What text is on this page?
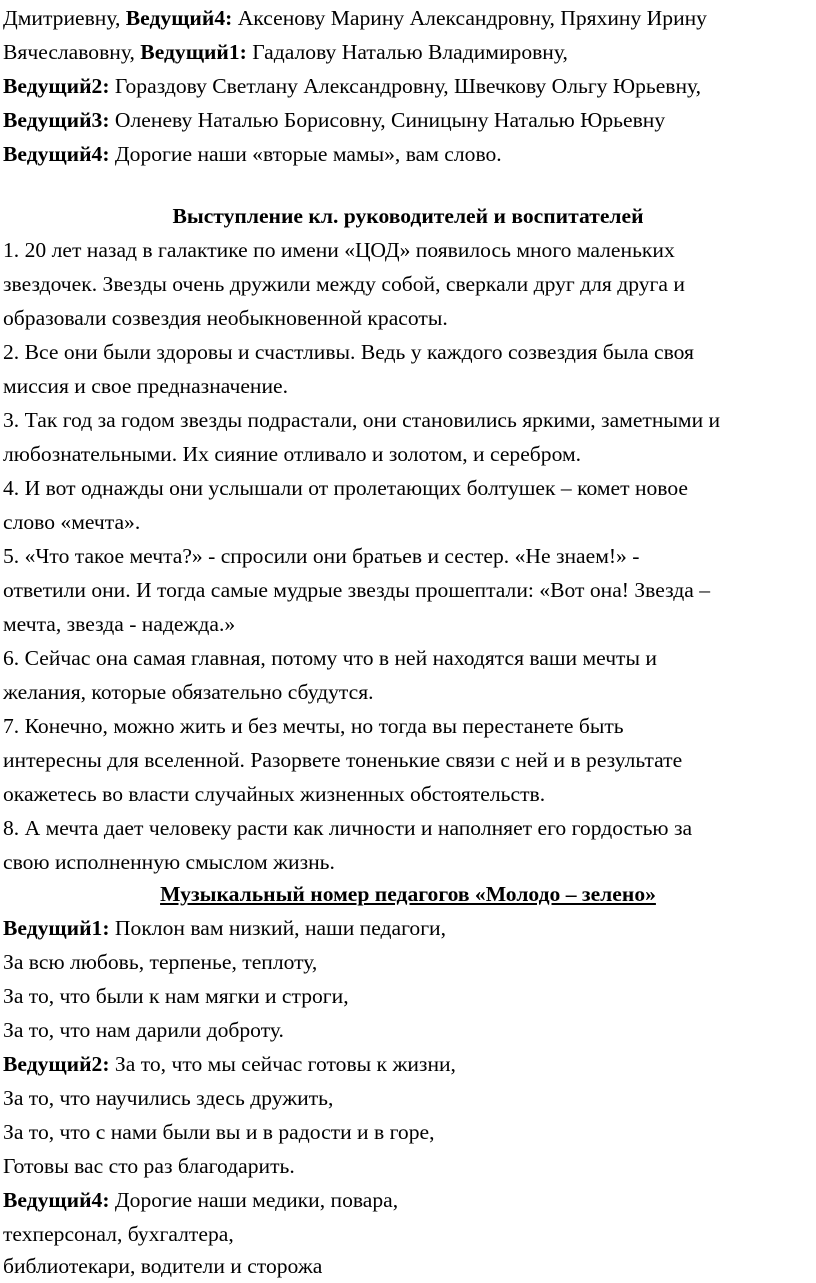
Дмитриевну, Ведущий4: Аксенову Марину Александровну, Пряхину Ирину
Вячеславовну, Ведущий1: Гадалову Наталью Владимировну,
Ведущий2: Гораздову Светлану Александровну, Швечкову Ольгу Юрьевну,
Ведущий3: Оленеву Наталью Борисовну, Синицыну Наталью Юрьевну
Ведущий4: Дорогие наши «вторые мамы», вам слово.
Выступление кл. руководителей и воспитателей
1. 20 лет назад в галактике по имени «ЦОД» появилось много маленьких
звездочек. Звезды очень дружили между собой, сверкали друг для друга и
образовали созвездия необыкновенной красоты.
2. Все они были здоровы и счастливы. Ведь у каждого созвездия была своя
миссия и свое предназначение.
3. Так год за годом звезды подрастали, они становились яркими, заметными и
любознательными. Их сияние отливало и золотом, и серебром.
4. И вот однажды они услышали от пролетающих болтушек – комет новое
слово «мечта».
5. «Что такое мечта?» - спросили они братьев и сестер. «Не знаем!» -
ответили они. И тогда самые мудрые звезды прошептали: «Вот она! Звезда –
мечта, звезда - надежда.»
6. Сейчас она самая главная, потому что в ней находятся ваши мечты и
желания, которые обязательно сбудутся.
7. Конечно, можно жить и без мечты, но тогда вы перестанете быть
интересны для вселенной. Разорвете тоненькие связи с ней и в результате
окажетесь во власти случайных жизненных обстоятельств.
8. А мечта дает человеку расти как личности и наполняет его гордостью за
свою исполненную смыслом жизнь.
Музыкальный номер педагогов «Молодо – зелено»
Ведущий1: Поклон вам низкий, наши педагоги,
За всю любовь, терпенье, теплоту,
За то, что были к нам мягки и строги,
За то, что нам дарили доброту.
Ведущий2: За то, что мы сейчас готовы к жизни,
За то, что научились здесь дружить,
За то, что с нами были вы и в радости и в горе,
Готовы вас сто раз благодарить.
Ведущий4: Дорогие наши медики, повара,
техперсонал, бухгалтера,
библиотекари, водители и сторожа
